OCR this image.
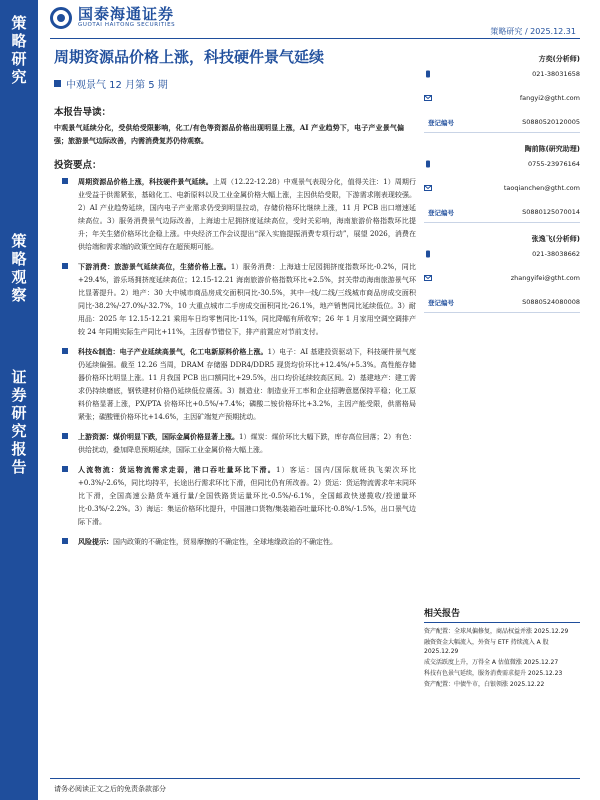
策
略
研
究
策
略
观
察
证
券
研
究
报
告
国泰海通证券
GUOTAI HAITONG SECURITIES
策略研究 / 2025.12.31
周期资源品价格上涨，科技硬件景气延续
中观景气 12 月第 5 期
本报告导读：
中观景气延续分化，受供给受限影响，化工/有色等资源品价格出现明显上涨，AI 产业趋势下，电子产业景气偏强；旅游景气边际改善，内需消费复苏仍待观察。
投资要点：
周期资源品价格上涨，科技硬件景气延续。上周（12.22-12.28）中观景气表现分化，值得关注：1）周期行业受益于供需紧张，基础化工、电新原料以及工业金属价格大幅上涨，主因供给受限，下游需求刚表现较强。2）AI 产业趋势延续，国内电子产业需求仍受到明显拉动，存储价格环比继续上涨，11 月 PCB 出口增速延续高位。3）服务消费景气边际改善，上海迪士尼拥挤度延续高位，受时关彩响，海南旅游价格指数环比提升；年关生猪价格环比企稳上涨。中央经济工作会议提出“深入实施提振消费专项行动”，展望 2026，消费在供给端和需求端的政策空间存在超预期可能。
下游消费：旅游景气延续高位，生猪价格上涨。1）服务消费：上海迪士尼园拥挤度指数环比-0.2%，同比+29.4%，游乐场拥挤度延续高位；12.15-12.21 海南旅游价格指数环比+2.5%，封关带动海南旅游景气环比显著提升。2）地产：30 大中城市商品房成交面积同比-30.5%，其中一线/二线/三线城市商品房成交面积同比-38.2%/-27.0%/-32.7%，10 大重点城市二手房成交面积同比-26.1%，地产销售同比延续低位。3）耐用品：2025 年 12.15-12.21 乘用车日均零售同比-11%，同比降幅有所收窄；26 年 1 月家用空调空调排产较 24 年同期实际生产同比+11%，主因春节错位下，排产前置应对节前支付。
科技&制造：电子产业延续高景气，化工电新原料价格上涨。1）电子：AI 基建投资驱动下，科技硬件景气度仍延续偏强。截至 12.26 当周，DRAM 存储器 DDR4/DDR5 现货均价环比+12.4%/+5.3%。高性能存储器价格环比明显上涨。11 月我国 PCB 出口额同比+29.5%，出口均价延续较高区间。2）基建地产：建工需求仍持续磨底，钢铁建材价格仍延续低位震荡。3）制造业：制造业开工率和企业招聘意愿保持平稳；化工原料价格显著上涨，PX/PTA 价格环比+0.5%/+7.4%；磷酸二铵价格环比+3.2%，主因产能受限，供需格局紧张；碳酸锂价格环比+14.6%，主因矿端复产预期扰动。
上游资源：煤价明显下跌，国际金属价格显著上涨。1）煤炭：煤价环比大幅下跌，库存高位回落；2）有色：供给扰动，叠加降息预期延续，国际工业金属价格大幅上涨。
人流物流：货运物流需求走弱，港口吞吐量环比下滑。1）客运：国内/国际航班执飞架次环比+0.3%/-2.6%，同比均持平，长途出行需求环比下滑，但同比仍有所改善。2）货运：货运物流需求年末同环比下滑，全国高速公路货车通行量/全国铁路货运量环比-0.5%/-6.1%，全国邮政快递揽收/投递量环比-0.3%/-2.2%。3）海运：集运价格环比提升，中国港口货物/集装箱吞吐量环比-0.8%/-1.5%，出口景气边际下滑。
风险提示：国内政策的不确定性，贸易摩擦的不确定性，全球地缘政治的不确定性。
方奕(分析师)
021-38031658
fangyi2@gtht.com
登记编号	S0880520120005
陶前陈(研究助理)
0755-23976164
taoqianchen@gtht.com
登记编号	S0880125070014
张逸飞(分析师)
021-38038662
zhangyifei@gtht.com
登记编号	S0880524080008
相关报告
资产配置：全球风偏修复，商品权益并涨 2025.12.29
融资资金大幅流入，外资与 ETF 持续流入 A 股 2025.12.29
成交活跃度上升，万得全 A 估值微涨 2025.12.27
科技有色景气延续，服务消费需求提升 2025.12.23
资产配置：中债牛市，白银领涨 2025.12.22
请务必阅读正文之后的免责条款部分
